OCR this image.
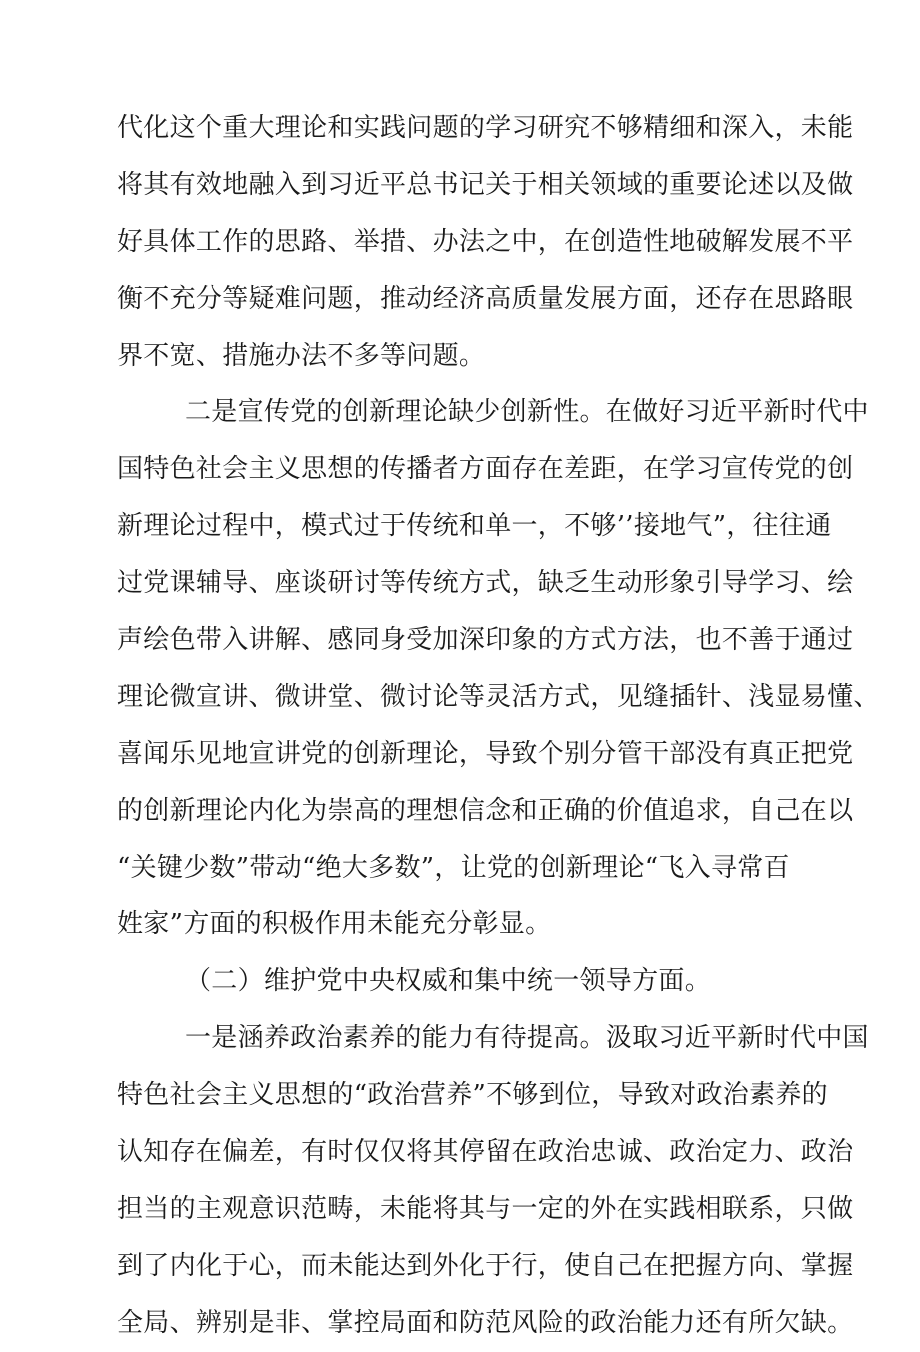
代化这个重大理论和实践问题的学习研究不够精细和深入，未能
将其有效地融入到习近平总书记关于相关领域的重要论述以及做
好具体工作的思路、举措、办法之中，在创造性地破解发展不平
衡不充分等疑难问题，推动经济高质量发展方面，还存在思路眼
界不宽、措施办法不多等问题。
二是宣传党的创新理论缺少创新性。在做好习近平新时代中
国特色社会主义思想的传播者方面存在差距，在学习宣传党的创
新理论过程中，模式过于传统和单一，不够’’接地气”，往往通
过党课辅导、座谈研讨等传统方式，缺乏生动形象引导学习、绘
声绘色带入讲解、感同身受加深印象的方式方法，也不善于通过
理论微宣讲、微讲堂、微讨论等灵活方式，见缝插针、浅显易懂、
喜闻乐见地宣讲党的创新理论，导致个别分管干部没有真正把党
的创新理论内化为崇高的理想信念和正确的价值追求，自己在以
“关键少数”带动“绝大多数”，让党的创新理论“飞入寻常百
姓家”方面的积极作用未能充分彰显。
（二）维护党中央权威和集中统一领导方面。
一是涵养政治素养的能力有待提高。汲取习近平新时代中国
特色社会主义思想的“政治营养”不够到位，导致对政治素养的
认知存在偏差，有时仅仅将其停留在政治忠诚、政治定力、政治
担当的主观意识范畴，未能将其与一定的外在实践相联系，只做
到了内化于心，而未能达到外化于行，使自己在把握方向、掌握
全局、辨别是非、掌控局面和防范风险的政治能力还有所欠缺。
